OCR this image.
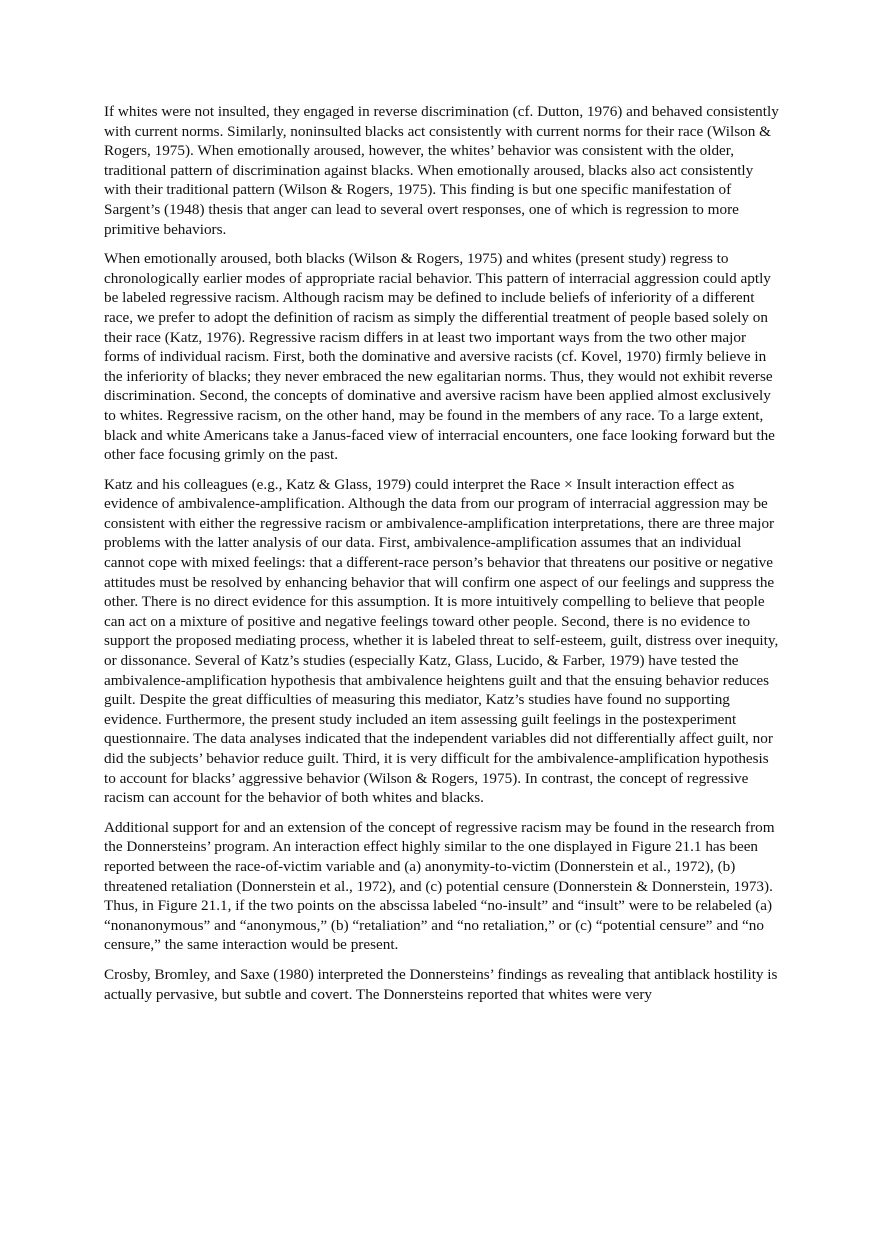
If whites were not insulted, they engaged in reverse discrimination (cf. Dutton, 1976) and behaved consistently with current norms. Similarly, noninsulted blacks act consistently with current norms for their race (Wilson & Rogers, 1975). When emotionally aroused, however, the whites’ behavior was consistent with the older, traditional pattern of discrimination against blacks. When emotionally aroused, blacks also act consistently with their traditional pattern (Wilson & Rogers, 1975). This finding is but one specific manifestation of Sargent’s (1948) thesis that anger can lead to several overt responses, one of which is regression to more primitive behaviors.

When emotionally aroused, both blacks (Wilson & Rogers, 1975) and whites (present study) regress to chronologically earlier modes of appropriate racial behavior. This pattern of interracial aggression could aptly be labeled regressive racism. Although racism may be defined to include beliefs of inferiority of a different race, we prefer to adopt the definition of racism as simply the differential treatment of people based solely on their race (Katz, 1976). Regressive racism differs in at least two important ways from the two other major forms of individual racism. First, both the dominative and aversive racists (cf. Kovel, 1970) firmly believe in the inferiority of blacks; they never embraced the new egalitarian norms. Thus, they would not exhibit reverse discrimination. Second, the concepts of dominative and aversive racism have been applied almost exclusively to whites. Regressive racism, on the other hand, may be found in the members of any race. To a large extent, black and white Americans take a Janus-faced view of interracial encounters, one face looking forward but the other face focusing grimly on the past.

Katz and his colleagues (e.g., Katz & Glass, 1979) could interpret the Race × Insult interaction effect as evidence of ambivalence-amplification. Although the data from our program of interracial aggression may be consistent with either the regressive racism or ambivalence-amplification interpretations, there are three major problems with the latter analysis of our data. First, ambivalence-amplification assumes that an individual cannot cope with mixed feelings: that a different-race person’s behavior that threatens our positive or negative attitudes must be resolved by enhancing behavior that will confirm one aspect of our feelings and suppress the other. There is no direct evidence for this assumption. It is more intuitively compelling to believe that people can act on a mixture of positive and negative feelings toward other people. Second, there is no evidence to support the proposed mediating process, whether it is labeled threat to self-esteem, guilt, distress over inequity, or dissonance. Several of Katz’s studies (especially Katz, Glass, Lucido, & Farber, 1979) have tested the ambivalence-amplification hypothesis that ambivalence heightens guilt and that the ensuing behavior reduces guilt. Despite the great difficulties of measuring this mediator, Katz’s studies have found no supporting evidence. Furthermore, the present study included an item assessing guilt feelings in the postexperiment questionnaire. The data analyses indicated that the independent variables did not differentially affect guilt, nor did the subjects’ behavior reduce guilt. Third, it is very difficult for the ambivalence-amplification hypothesis to account for blacks’ aggressive behavior (Wilson & Rogers, 1975). In contrast, the concept of regressive racism can account for the behavior of both whites and blacks.

Additional support for and an extension of the concept of regressive racism may be found in the research from the Donnersteins’ program. An interaction effect highly similar to the one displayed in Figure 21.1 has been reported between the race-of-victim variable and (a) anonymity-to-victim (Donnerstein et al., 1972), (b) threatened retaliation (Donnerstein et al., 1972), and (c) potential censure (Donnerstein & Donnerstein, 1973). Thus, in Figure 21.1, if the two points on the abscissa labeled “no-insult” and “insult” were to be relabeled (a) “nonanonymous” and “anonymous,” (b) “retaliation” and “no retaliation,” or (c) “potential censure” and “no censure,” the same interaction would be present.

Crosby, Bromley, and Saxe (1980) interpreted the Donnersteins’ findings as revealing that antiblack hostility is actually pervasive, but subtle and covert. The Donnersteins reported that whites were very
